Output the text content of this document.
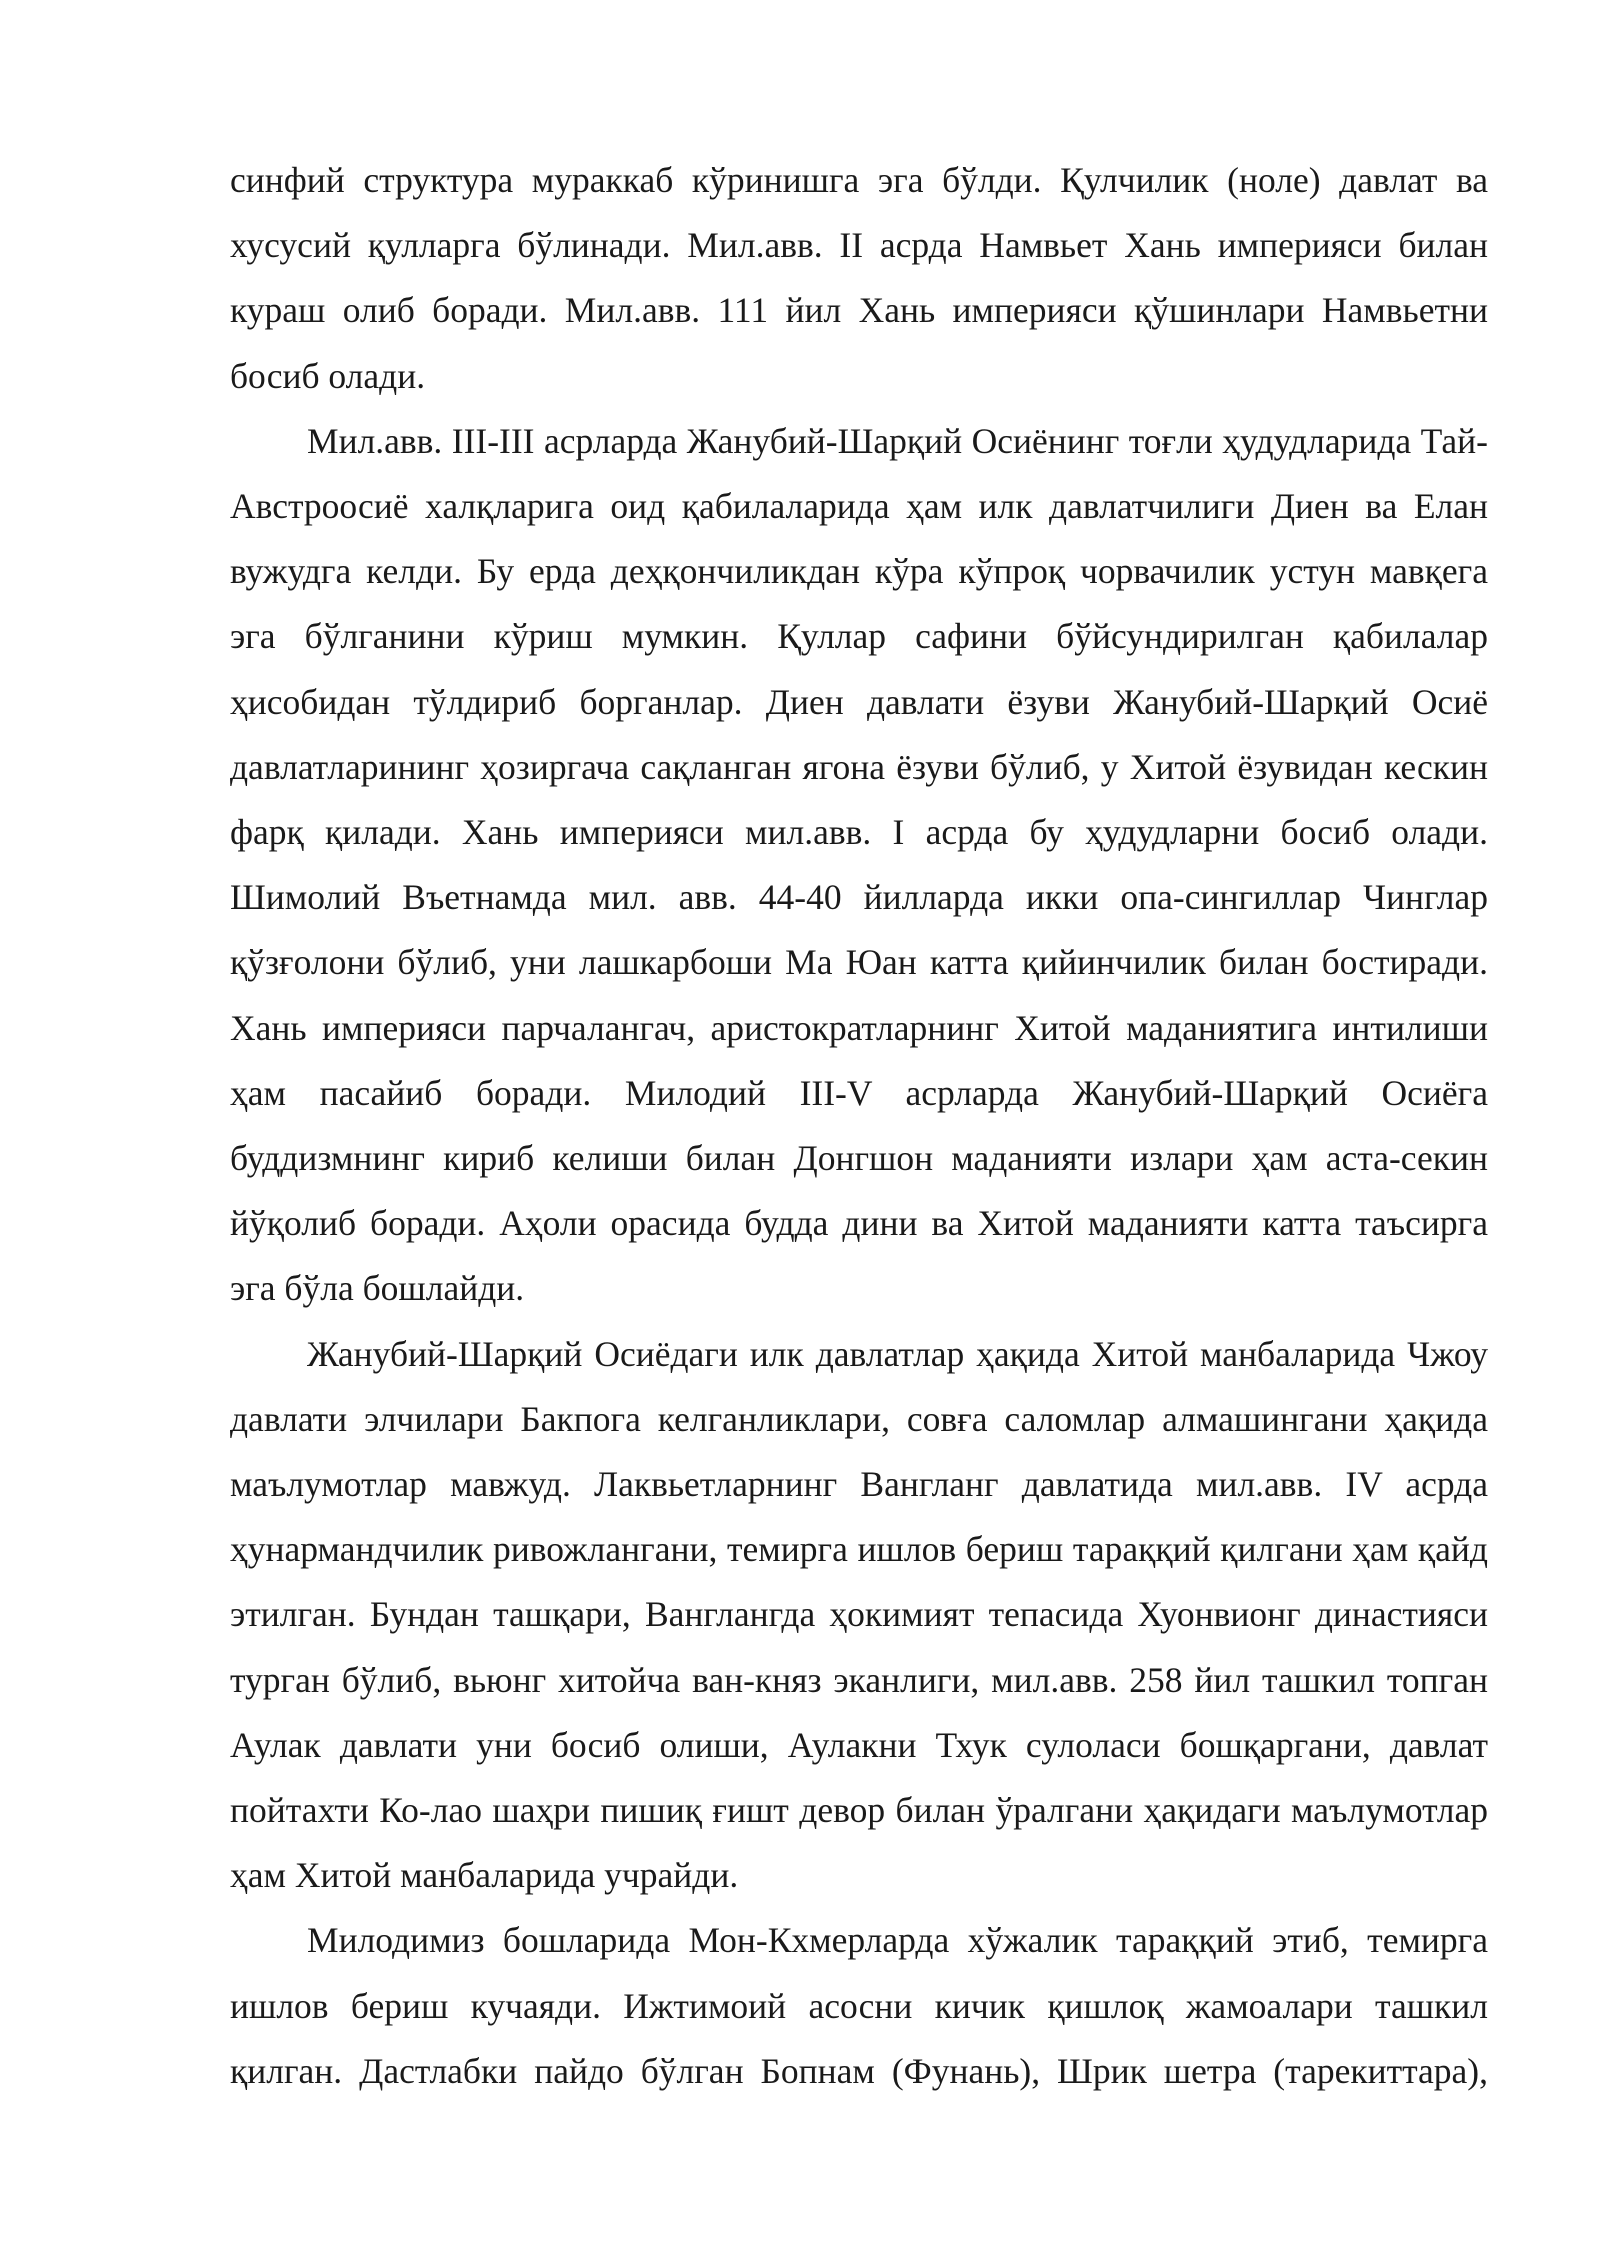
синфий структура мураккаб кўринишга эга бўлди. Қулчилик (ноле) давлат ва хусусий қулларга бўлинади. Мил.авв. II асрда Намвьет Хань империяси билан кураш олиб боради. Мил.авв. 111 йил Хань империяси қўшинлари Намвьетни босиб олади.

Мил.авв. III-III асрларда Жанубий-Шарқий Осиёнинг тоғли ҳудудларида Тай-Австроосиё халқларига оид қабилаларида ҳам илк давлатчилиги Диен ва Елан вужудга келди. Бу ерда деҳқончиликдан кўра кўпроқ чорвачилик устун мавқега эга бўлганини кўриш мумкин. Қуллар сафини бўйсундирилган қабилалар ҳисобидан тўлдириб борганлар. Диен давлати ёзуви Жанубий-Шарқий Осиё давлатларининг ҳозиргача сақланган ягона ёзуви бўлиб, у Хитой ёзувидан кескин фарқ қилади. Хань империяси мил.авв. I асрда бу ҳудудларни босиб олади. Шимолий Въетнамда мил. авв. 44-40 йилларда икки опа-сингиллар Чинглар қўзғолони бўлиб, уни лашкарбоши Ма Юан катта қийинчилик билан бостиради. Хань империяси парчалангач, аристократларнинг Хитой маданиятига интилиши ҳам пасайиб боради. Милодий III-V асрларда Жанубий-Шарқий Осиёга буддизмнинг кириб келиши билан Донгшон маданияти излари ҳам аста-секин йўқолиб боради. Аҳоли орасида будда дини ва Хитой маданияти катта таъсирга эга бўла бошлайди.

Жанубий-Шарқий Осиёдаги илк давлатлар ҳақида Хитой манбаларида Чжоу давлати элчилари Бакпога келганликлари, совға саломлар алмашингани ҳақида маълумотлар мавжуд. Лаквьетларнинг Вангланг давлатида мил.авв. IV асрда ҳунармандчилик ривожлангани, темирга ишлов бериш тараққий қилгани ҳам қайд этилган. Бундан ташқари, Ванглангда ҳокимият тепасида Хуонвионг династияси турган бўлиб, вьюнг хитойча ван-княз эканлиги, мил.авв. 258 йил ташкил топган Аулак давлати уни босиб олиши, Аулакни Тхук сулоласи бошқаргани, давлат пойтахти Ко-лао шаҳри пишиқ ғишт девор билан ўралгани ҳақидаги маълумотлар ҳам Хитой манбаларида учрайди.

Милодимиз бошларида Мон-Кхмерларда хўжалик тараққий этиб, темирга ишлов бериш кучаяди. Ижтимоий асосни кичик қишлоқ жамоалари ташкил қилган. Дастлабки пайдо бўлган Бопнам (Фунань), Шрик шетра (тарекиттара),
